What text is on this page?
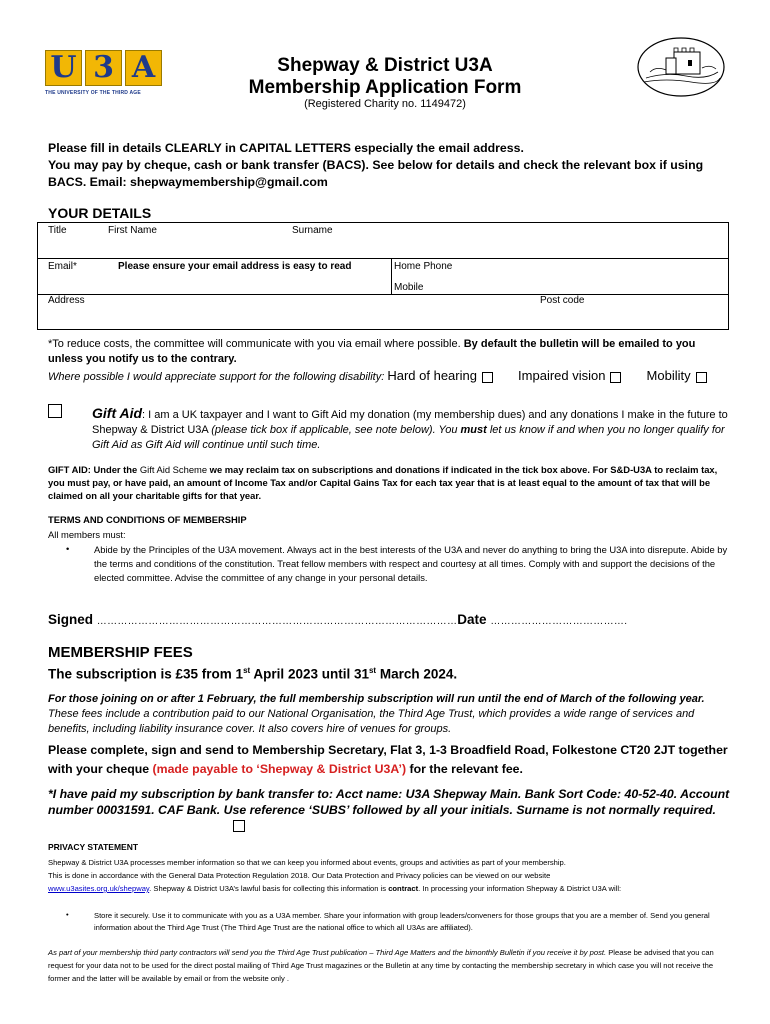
U 3 A
THE UNIVERSITY OF THE THIRD AGE
Shepway & District U3A
Membership Application Form
(Registered Charity no. 1149472)
Please fill in details CLEARLY in CAPITAL LETTERS especially the email address.
You may pay by cheque, cash or bank transfer (BACS). See below for details and check the relevant box if using BACS. Email: shepwaymembership@gmail.com
YOUR DETAILS
Title	First Name	Surname
Email*	Please ensure your email address is easy to read	Home Phone
Mobile
Address	Post code
*To reduce costs, the committee will communicate with you via email where possible. By default the bulletin will be emailed to you unless you notify us to the contrary.
Where possible I would appreciate support for the following disability: Hard of hearing	Impaired vision	Mobility
Gift Aid: I am a UK taxpayer and I want to Gift Aid my donation (my membership dues) and any donations I make in the future to Shepway & District U3A (please tick box if applicable, see note below). You must let us know if and when you no longer qualify for Gift Aid as Gift Aid will continue until such time.
GIFT AID: Under the Gift Aid Scheme we may reclaim tax on subscriptions and donations if indicated in the tick box above. For S&D-U3A to reclaim tax, you must pay, or have paid, an amount of Income Tax and/or Capital Gains Tax for each tax year that is at least equal to the amount of tax that will be claimed on all your charitable gifts for that year.
TERMS AND CONDITIONS OF MEMBERSHIP
All members must:
•	Abide by the Principles of the U3A movement. Always act in the best interests of the U3A and never do anything to bring the U3A into disrepute. Abide by the terms and conditions of the constitution. Treat fellow members with respect and courtesy at all times. Comply with and support the decisions of the elected committee. Advise the committee of any change in your personal details.
Signed ……………………………………………………………………………………………Date ………………………………….
MEMBERSHIP FEES
The subscription is £35 from 1st April 2023 until 31st March 2024.
For those joining on or after 1 February, the full membership subscription will run until the end of March of the following year. These fees include a contribution paid to our National Organisation, the Third Age Trust, which provides a wide range of services and benefits, including liability insurance cover. It also covers hire of venues for groups.
Please complete, sign and send to Membership Secretary, Flat 3, 1-3 Broadfield Road, Folkestone CT20 2JT together with your cheque (made payable to ‘Shepway & District U3A’) for the relevant fee.
*I have paid my subscription by bank transfer to: Acct name: U3A Shepway Main. Bank Sort Code: 40-52-40. Account number 00031591. CAF Bank. Use reference ‘SUBS’ followed by all your initials. Surname is not normally required.
PRIVACY STATEMENT
Shepway & District U3A processes member information so that we can keep you informed about events, groups and activities as part of your membership.
This is done in accordance with the General Data Protection Regulation 2018. Our Data Protection and Privacy policies can be viewed on our website
www.u3asites.org.uk/shepway. Shepway & District U3A’s lawful basis for collecting this information is contract. In processing your information Shepway & District U3A will:
•	Store it securely. Use it to communicate with you as a U3A member. Share your information with group leaders/conveners for those groups that you are a member of. Send you general information about the Third Age Trust (The Third Age Trust are the national office to which all U3As are affiliated).
As part of your membership third party contractors will send you the Third Age Trust publication – Third Age Matters and the bimonthly Bulletin if you receive it by post. Please be advised that you can request for your data not to be used for the direct postal mailing of Third Age Trust magazines or the Bulletin at any time by contacting the membership secretary in which case you will not receive the former and the latter will be available by email or from the website only .
